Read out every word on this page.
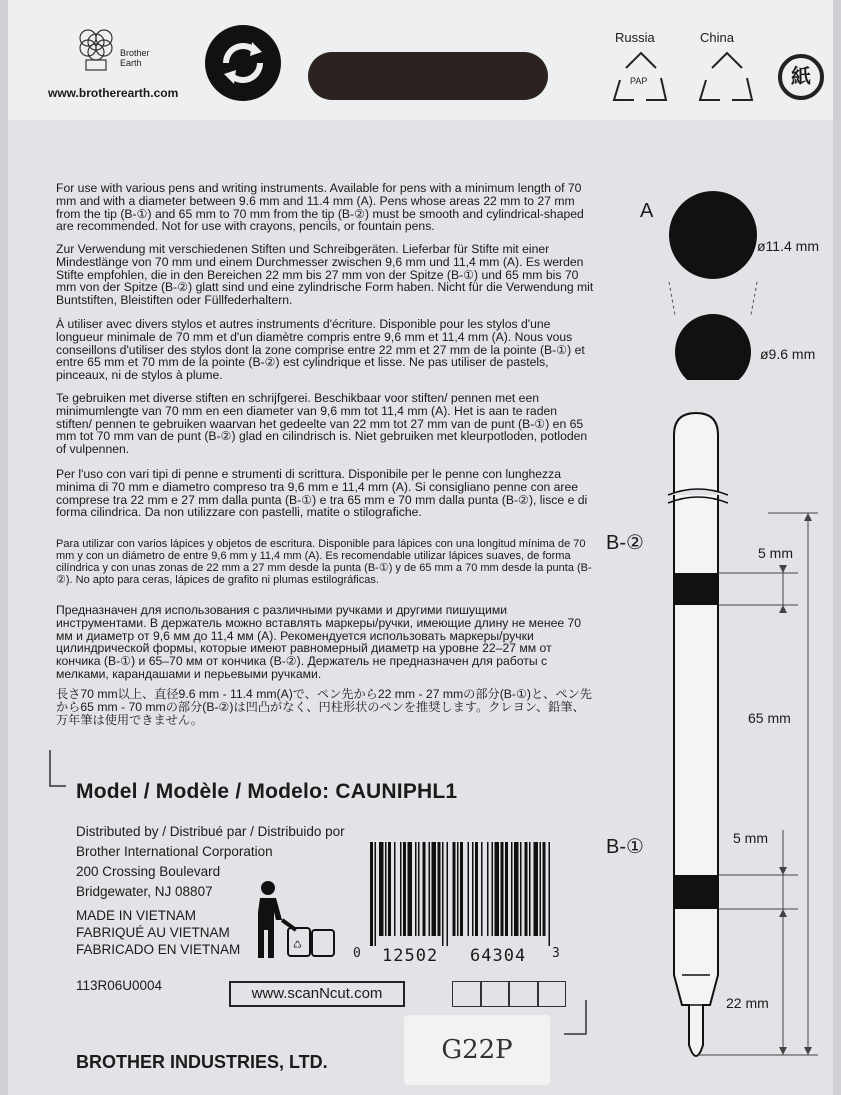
Brother
Earth
www.brotherearth.com
Russia	China
PAP	紙

For use with various pens and writing instruments. Available for pens with a minimum length of 70 mm and with a diameter between 9.6 mm and 11.4 mm (A). Pens whose areas 22 mm to 27 mm from the tip (B-①) and 65 mm to 70 mm from the tip (B-②) must be smooth and cylindrical-shaped are recommended. Not for use with crayons, pencils, or fountain pens.

Zur Verwendung mit verschiedenen Stiften und Schreibgeräten. Lieferbar für Stifte mit einer Mindestlänge von 70 mm und einem Durchmesser zwischen 9,6 mm und 11,4 mm (A). Es werden Stifte empfohlen, die in den Bereichen 22 mm bis 27 mm von der Spitze (B-①) und 65 mm bis 70 mm von der Spitze (B-②) glatt sind und eine zylindrische Form haben. Nicht für die Verwendung mit Buntstiften, Bleistiften oder Füllfederhaltern.

À utiliser avec divers stylos et autres instruments d'écriture. Disponible pour les stylos d'une longueur minimale de 70 mm et d'un diamètre compris entre 9,6 mm et 11,4 mm (A). Nous vous conseillons d'utiliser des stylos dont la zone comprise entre 22 mm et 27 mm de la pointe (B-①) et entre 65 mm et 70 mm de la pointe (B-②) est cylindrique et lisse. Ne pas utiliser de pastels, pinceaux, ni de stylos à plume.

Te gebruiken met diverse stiften en schrijfgerei. Beschikbaar voor stiften/ pennen met een minimumlengte van 70 mm en een diameter van 9,6 mm tot 11,4 mm (A). Het is aan te raden stiften/ pennen te gebruiken waarvan het gedeelte van 22 mm tot 27 mm van de punt (B-①) en 65 mm tot 70 mm van de punt (B-②) glad en cilindrisch is. Niet gebruiken met kleurpotloden, potloden of vulpennen.

Per l'uso con vari tipi di penne e strumenti di scrittura. Disponibile per le penne con lunghezza minima di 70 mm e diametro compreso tra 9,6 mm e 11,4 mm (A). Si consigliano penne con aree comprese tra 22 mm e 27 mm dalla punta (B-①) e tra 65 mm e 70 mm dalla punta (B-②), lisce e di forma cilindrica. Da non utilizzare con pastelli, matite o stilografiche.

Para utilizar con varios lápices y objetos de escritura. Disponible para lápices con una longitud mínima de 70 mm y con un diámetro de entre 9,6 mm y 11,4 mm (A). Es recomendable utilizar lápices suaves, de forma cilíndrica y con unas zonas de 22 mm a 27 mm desde la punta (B-①) y de 65 mm a 70 mm desde la punta (B-②). No apto para ceras, lápices de grafito ni plumas estilográficas.

Предназначен для использования с различными ручками и другими пишущими инструментами. В держатель можно вставлять маркеры/ручки, имеющие длину не менее 70 мм и диаметр от 9,6 мм до 11,4 мм (A). Рекомендуется использовать маркеры/ручки цилиндрической формы, которые имеют равномерный диаметр на уровне 22–27 мм от кончика (B-①) и 65–70 мм от кончика (B-②). Держатель не предназначен для работы с мелками, карандашами и перьевыми ручками.

長さ70 mm以上、直径9.6 mm - 11.4 mm(A)で、ペン先から22 mm - 27 mmの部分(B-①)と、ペン先から65 mm - 70 mmの部分(B-②)は凹凸がなく、円柱形状のペンを推奨します。クレヨン、鉛筆、万年筆は使用できません。

Model / Modèle / Modelo: CAUNIPHL1
Distributed by / Distribué par / Distribuido por
Brother International Corporation
200 Crossing Boulevard
Bridgewater, NJ 08807
MADE IN VIETNAM
FABRIQUÉ AU VIETNAM
FABRICADO EN VIETNAM	♺
113R06U0004	www.scanNcut.com
BROTHER INDUSTRIES, LTD.	G22P
0 12502 64304 3
A
ø11.4 mm
ø9.6 mm
B-②
B-①
5 mm
65 mm
5 mm
22 mm
